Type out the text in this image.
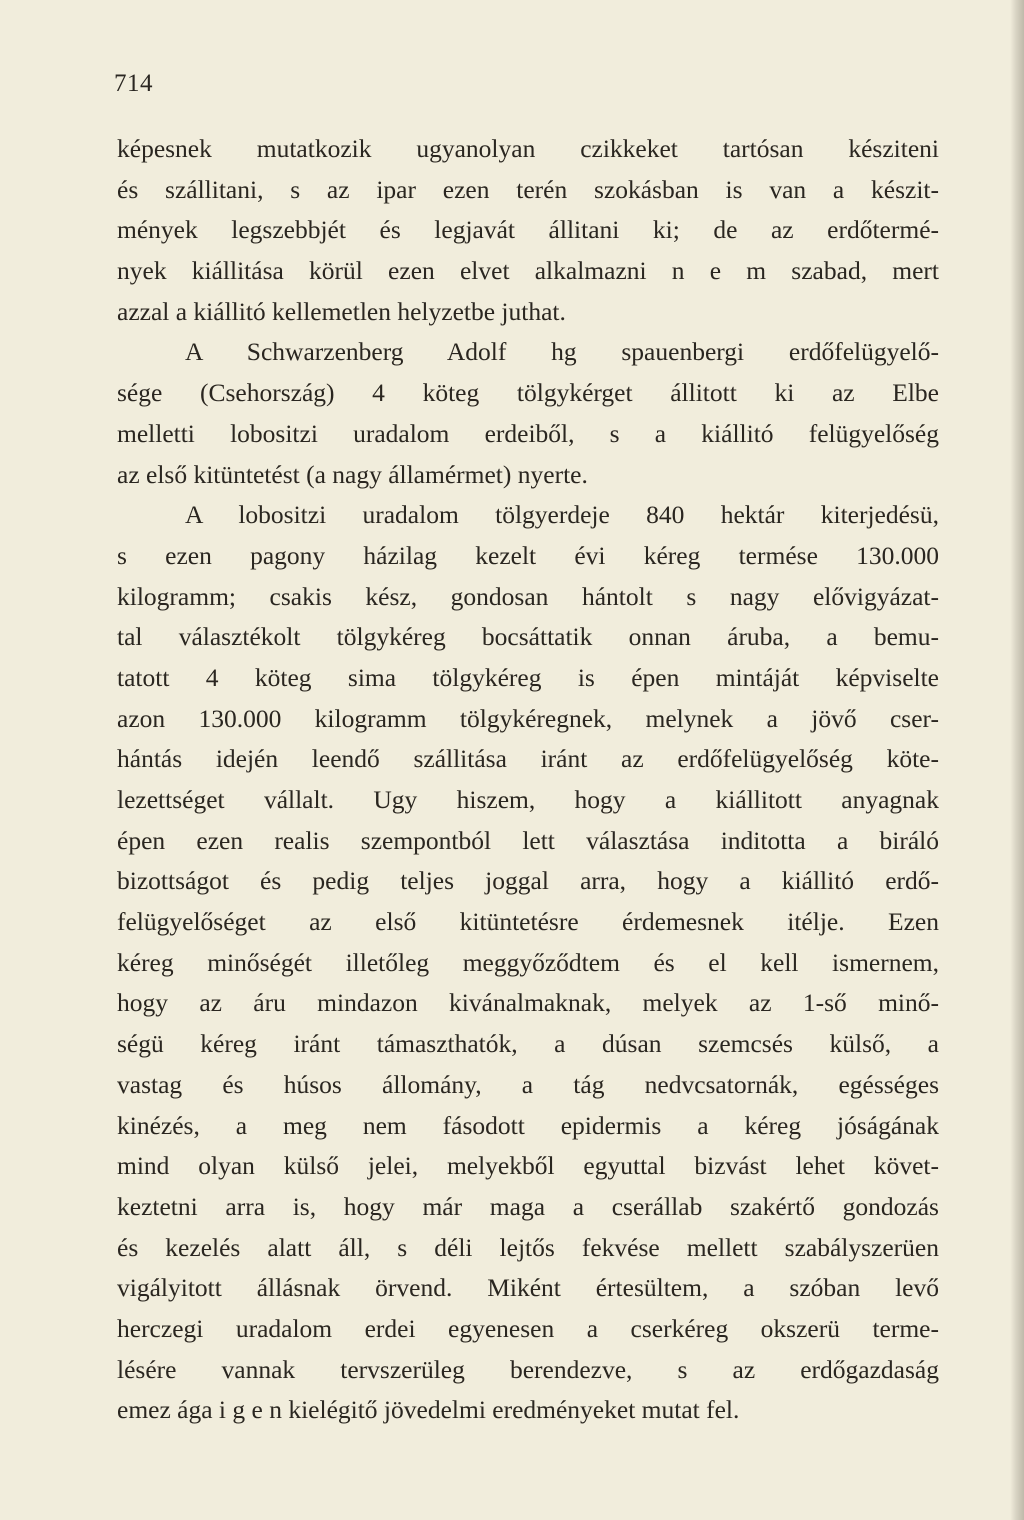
714
képesnek mutatkozik ugyanolyan czikkeket tartósan késziteni
és szállitani, s az ipar ezen terén szokásban is van a készit-
mények legszebbjét és legjavát állitani ki; de az erdőtermé-
nyek kiállitása körül ezen elvet alkalmazni n e m szabad, mert
azzal a kiállitó kellemetlen helyzetbe juthat.
A Schwarzenberg Adolf hg spauenbergi erdőfelügyelő-
sége (Csehország) 4 köteg tölgykérget állitott ki az Elbe
melletti lobositzi uradalom erdeiből, s a kiállitó felügyelőség
az első kitüntetést (a nagy államérmet) nyerte.
A lobositzi uradalom tölgyerdeje 840 hektár kiterjedésü,
s ezen pagony házilag kezelt évi kéreg termése 130.000
kilogramm; csakis kész, gondosan hántolt s nagy elővigyázat-
tal választékolt tölgykéreg bocsáttatik onnan áruba, a bemu-
tatott 4 köteg sima tölgykéreg is épen mintáját képviselte
azon 130.000 kilogramm tölgykéregnek, melynek a jövő cser-
hántás idején leendő szállitása iránt az erdőfelügyelőség köte-
lezettséget vállalt. Ugy hiszem, hogy a kiállitott anyagnak
épen ezen realis szempontból lett választása inditotta a biráló
bizottságot és pedig teljes joggal arra, hogy a kiállitó erdő-
felügyelőséget az első kitüntetésre érdemesnek itélje. Ezen
kéreg minőségét illetőleg meggyőződtem és el kell ismernem,
hogy az áru mindazon kivánalmaknak, melyek az 1-ső minő-
ségü kéreg iránt támaszthatók, a dúsan szemcsés külső, a
vastag és húsos állomány, a tág nedvcsatornák, egésséges
kinézés, a meg nem fásodott epidermis a kéreg jóságának
mind olyan külső jelei, melyekből egyuttal bizvást lehet követ-
keztetni arra is, hogy már maga a cserállab szakértő gondozás
és kezelés alatt áll, s déli lejtős fekvése mellett szabályszerüen
vigályitott állásnak örvend. Miként értesültem, a szóban levő
herczegi uradalom erdei egyenesen a cserkéreg okszerü terme-
lésére vannak tervszerüleg berendezve, s az erdőgazdaság
emez ága i g e n kielégitő jövedelmi eredményeket mutat fel.
